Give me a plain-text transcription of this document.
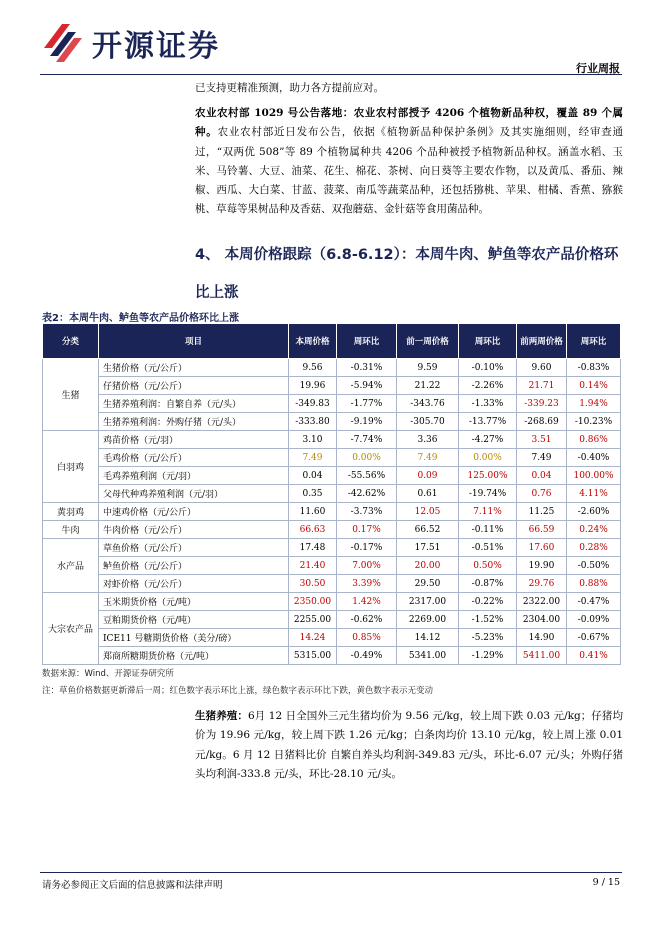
开源证券
行业周报
已支持更精准预测，助力各方提前应对。
农业农村部 1029 号公告落地：农业农村部授予 4206 个植物新品种权，覆盖 89 个属种。农业农村部近日发布公告，依据《植物新品种保护条例》及其实施细则，经审查通过，“双两优 508”等 89 个植物属种共 4206 个品种被授予植物新品种权。涵盖水稻、玉米、马铃薯、大豆、油菜、花生、棉花、茶树、向日葵等主要农作物，以及黄瓜、番茄、辣椒、西瓜、大白菜、甘蓝、菠菜、南瓜等蔬菜品种，还包括猕桃、苹果、柑橘、香蕉、猕猴桃、草莓等果树品种及香菇、双孢蘑菇、金针菇等食用菌品种。
4、 本周价格跟踪（6.8-6.12）：本周牛肉、鲈鱼等农产品价格环
比上涨
表2：本周牛肉、鲈鱼等农产品价格环比上涨
分类	项目	本周价格	周环比	前一周价格	周环比	前两周价格	周环比
生猪	生猪价格（元/公斤）	9.56	-0.31%	9.59	-0.10%	9.60	-0.83%
	仔猪价格（元/公斤）	19.96	-5.94%	21.22	-2.26%	21.71	0.14%
	生猪养殖利润：自繁自养（元/头）	-349.83	-1.77%	-343.76	-1.33%	-339.23	1.94%
	生猪养殖利润：外购仔猪（元/头）	-333.80	-9.19%	-305.70	-13.77%	-268.69	-10.23%
白羽鸡	鸡苗价格（元/羽）	3.10	-7.74%	3.36	-4.27%	3.51	0.86%
	毛鸡价格（元/公斤）	7.49	0.00%	7.49	0.00%	7.49	-0.40%
	毛鸡养殖利润（元/羽）	0.04	-55.56%	0.09	125.00%	0.04	100.00%
	父母代种鸡养殖利润（元/羽）	0.35	-42.62%	0.61	-19.74%	0.76	4.11%
黄羽鸡	中速鸡价格（元/公斤）	11.60	-3.73%	12.05	7.11%	11.25	-2.60%
牛肉	牛肉价格（元/公斤）	66.63	0.17%	66.52	-0.11%	66.59	0.24%
水产品	草鱼价格（元/公斤）	17.48	-0.17%	17.51	-0.51%	17.60	0.28%
	鲈鱼价格（元/公斤）	21.40	7.00%	20.00	0.50%	19.90	-0.50%
	对虾价格（元/公斤）	30.50	3.39%	29.50	-0.87%	29.76	0.88%
大宗农产品	玉米期货价格（元/吨）	2350.00	1.42%	2317.00	-0.22%	2322.00	-0.47%
	豆粕期货价格（元/吨）	2255.00	-0.62%	2269.00	-1.52%	2304.00	-0.09%
	ICE11 号糖期货价格（美分/磅）	14.24	0.85%	14.12	-5.23%	14.90	-0.67%
	郑商所糖期货价格（元/吨）	5315.00	-0.49%	5341.00	-1.29%	5411.00	0.41%
数据来源：Wind、开源证券研究所
注：草鱼价格数据更新滞后一周；红色数字表示环比上涨，绿色数字表示环比下跌，黄色数字表示无变动
生猪养殖：6月 12 日全国外三元生猪均价为 9.56 元/kg，较上周下跌 0.03 元/kg；仔猪均价为 19.96 元/kg，较上周下跌 1.26 元/kg；白条肉均价 13.10 元/kg，较上周上涨 0.01 元/kg。6 月 12 日猪料比价 自繁自养头均利润-349.83 元/头，环比-6.07 元/头；外购仔猪头均利润-333.8 元/头，环比-28.10 元/头。
请务必参阅正文后面的信息披露和法律声明	9 / 15
